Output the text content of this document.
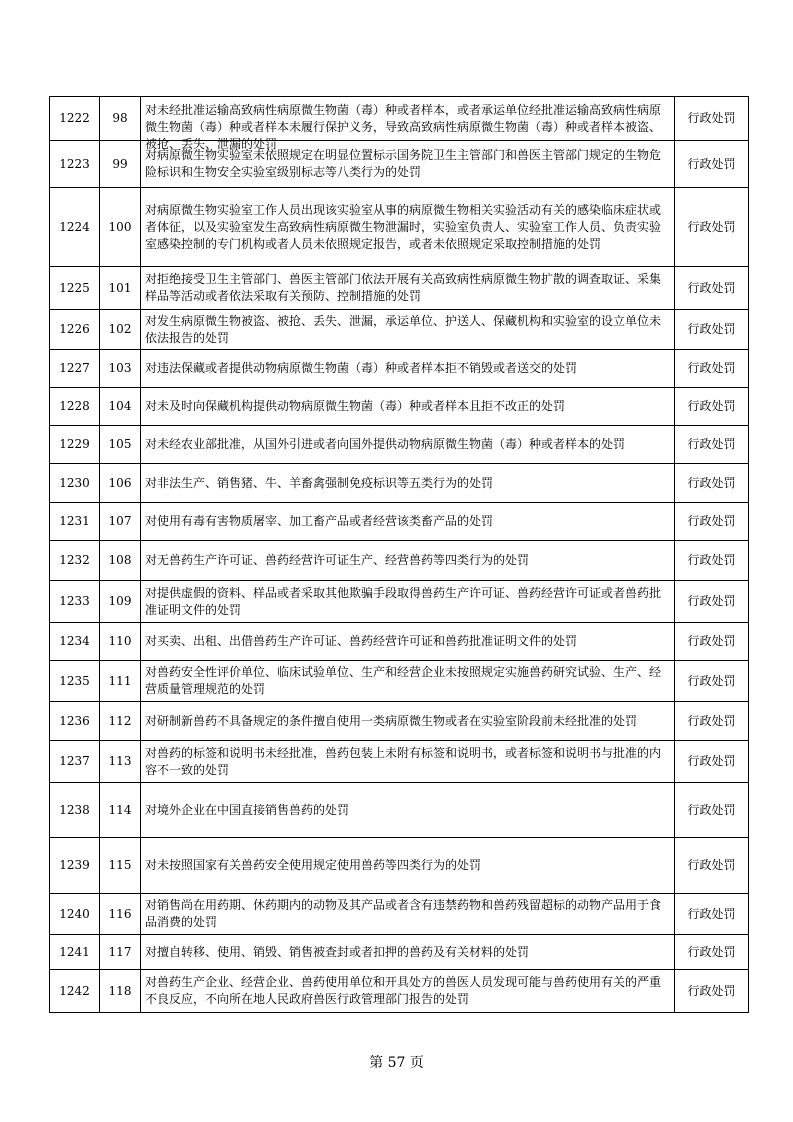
1222	98	对未经批准运输高致病性病原微生物菌（毒）种或者样本，或者承运单位经批准运输高致病性病原微生物菌（毒）种或者样本未履行保护义务，导致高致病性病原微生物菌（毒）种或者样本被盗、被抢、丢失、泄漏的处罚	行政处罚
1223	99	对病原微生物实验室未依照规定在明显位置标示国务院卫生主管部门和兽医主管部门规定的生物危险标识和生物安全实验室级别标志等八类行为的处罚	行政处罚
1224	100	对病原微生物实验室工作人员出现该实验室从事的病原微生物相关实验活动有关的感染临床症状或者体征，以及实验室发生高致病性病原微生物泄漏时，实验室负责人、实验室工作人员、负责实验室感染控制的专门机构或者人员未依照规定报告，或者未依照规定采取控制措施的处罚	行政处罚
1225	101	对拒绝接受卫生主管部门、兽医主管部门依法开展有关高致病性病原微生物扩散的调查取证、采集样品等活动或者依法采取有关预防、控制措施的处罚	行政处罚
1226	102	对发生病原微生物被盗、被抢、丢失、泄漏，承运单位、护送人、保藏机构和实验室的设立单位未依法报告的处罚	行政处罚
1227	103	对违法保藏或者提供动物病原微生物菌（毒）种或者样本拒不销毁或者送交的处罚	行政处罚
1228	104	对未及时向保藏机构提供动物病原微生物菌（毒）种或者样本且拒不改正的处罚	行政处罚
1229	105	对未经农业部批准，从国外引进或者向国外提供动物病原微生物菌（毒）种或者样本的处罚	行政处罚
1230	106	对非法生产、销售猪、牛、羊畜禽强制免疫标识等五类行为的处罚	行政处罚
1231	107	对使用有毒有害物质屠宰、加工畜产品或者经营该类畜产品的处罚	行政处罚
1232	108	对无兽药生产许可证、兽药经营许可证生产、经营兽药等四类行为的处罚	行政处罚
1233	109	对提供虚假的资料、样品或者采取其他欺骗手段取得兽药生产许可证、兽药经营许可证或者兽药批准证明文件的处罚	行政处罚
1234	110	对买卖、出租、出借兽药生产许可证、兽药经营许可证和兽药批准证明文件的处罚	行政处罚
1235	111	对兽药安全性评价单位、临床试验单位、生产和经营企业未按照规定实施兽药研究试验、生产、经营质量管理规范的处罚	行政处罚
1236	112	对研制新兽药不具备规定的条件擅自使用一类病原微生物或者在实验室阶段前未经批准的处罚	行政处罚
1237	113	对兽药的标签和说明书未经批准，兽药包装上未附有标签和说明书，或者标签和说明书与批准的内容不一致的处罚	行政处罚
1238	114	对境外企业在中国直接销售兽药的处罚	行政处罚
1239	115	对未按照国家有关兽药安全使用规定使用兽药等四类行为的处罚	行政处罚
1240	116	对销售尚在用药期、休药期内的动物及其产品或者含有违禁药物和兽药残留超标的动物产品用于食品消费的处罚	行政处罚
1241	117	对擅自转移、使用、销毁、销售被查封或者扣押的兽药及有关材料的处罚	行政处罚
1242	118	对兽药生产企业、经营企业、兽药使用单位和开具处方的兽医人员发现可能与兽药使用有关的严重不良反应，不向所在地人民政府兽医行政管理部门报告的处罚	行政处罚
第 57 页
